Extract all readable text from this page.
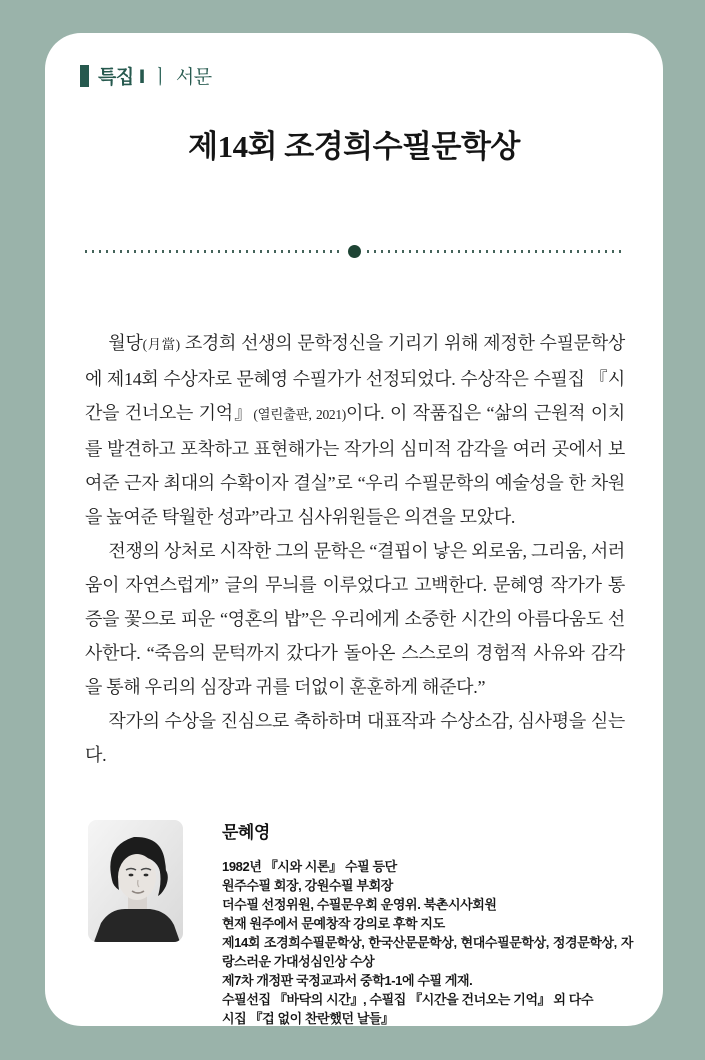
특집 Ⅰ ㅣ 서문
제14회 조경희수필문학상

월당(月當) 조경희 선생의 문학정신을 기리기 위해 제정한 수필문학상에 제14회 수상자로 문혜영 수필가가 선정되었다. 수상작은 수필집 『시간을 건너오는 기억』(열린출판, 2021)이다. 이 작품집은 “삶의 근원적 이치를 발견하고 포착하고 표현해가는 작가의 심미적 감각을 여러 곳에서 보여준 근자 최대의 수확이자 결실”로 “우리 수필문학의 예술성을 한 차원을 높여준 탁월한 성과”라고 심사위원들은 의견을 모았다.

전쟁의 상처로 시작한 그의 문학은 “결핍이 낳은 외로움, 그리움, 서러움이 자연스럽게” 글의 무늬를 이루었다고 고백한다. 문혜영 작가가 통증을 꽃으로 피운 “영혼의 밥”은 우리에게 소중한 시간의 아름다움도 선사한다. “죽음의 문턱까지 갔다가 돌아온 스스로의 경험적 사유와 감각을 통해 우리의 심장과 귀를 더없이 훈훈하게 해준다.”

작가의 수상을 진심으로 축하하며 대표작과 수상소감, 심사평을 싣는다.

문혜영
1982년 『시와 시론』 수필 등단
원주수필 회장, 강원수필 부회장
더수필 선정위원, 수필문우회 운영위. 북촌시사회원
현재 원주에서 문예창작 강의로 후학 지도
제14회 조경희수필문학상, 한국산문문학상, 현대수필문학상, 정경문학상, 자랑스러운 가대성심인상 수상
제7차 개정판 국정교과서 중학1-1에 수필 게재.
수필선집 『바닥의 시간』, 수필집 『시간을 건너오는 기억』 외 다수
시집 『겁 없이 찬란했던 날들』
